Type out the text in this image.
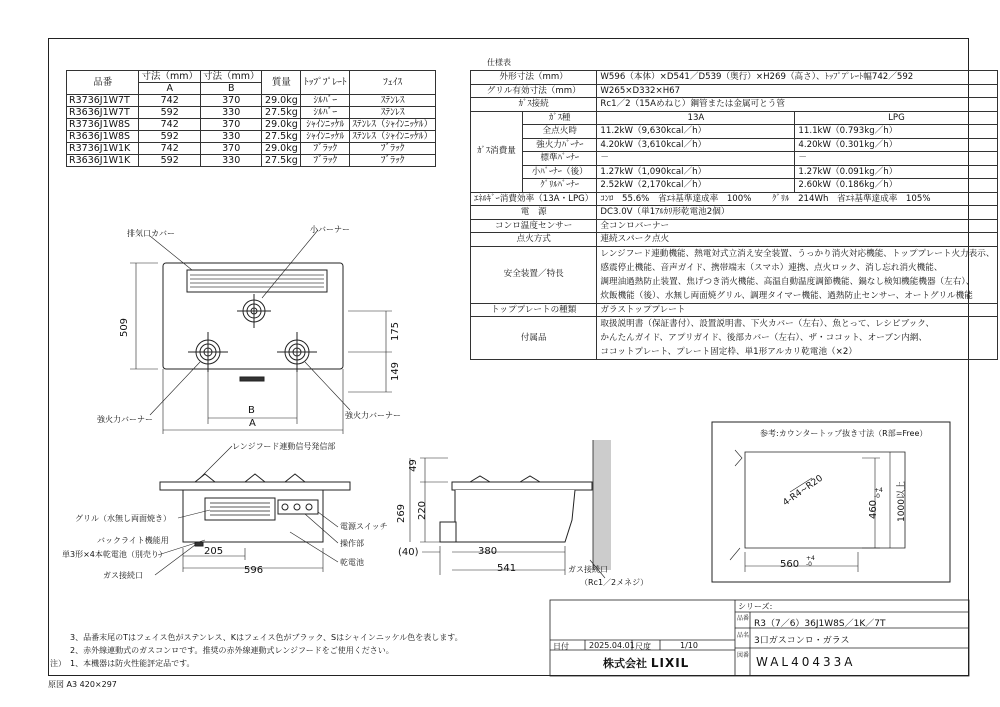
品番	寸法（mm）	寸法（mm）	質量	ﾄｯﾌﾟﾌﾟﾚｰﾄ	ﾌｪｲｽ
	A	B			
R3736J1W7T	742	370	29.0kg	ｼﾙﾊﾞｰ	ｽﾃﾝﾚｽ
R3636J1W7T	592	330	27.5kg	ｼﾙﾊﾞｰ	ｽﾃﾝﾚｽ
R3736J1W8S	742	370	29.0kg	ｼｬｲﾝﾆｯｹﾙ	ｽﾃﾝﾚｽ（ｼｬｲﾝﾆｯｹﾙ）
R3636J1W8S	592	330	27.5kg	ｼｬｲﾝﾆｯｹﾙ	ｽﾃﾝﾚｽ（ｼｬｲﾝﾆｯｹﾙ）
R3736J1W1K	742	370	29.0kg	ﾌﾞﾗｯｸ	ﾌﾞﾗｯｸ
R3636J1W1K	592	330	27.5kg	ﾌﾞﾗｯｸ	ﾌﾞﾗｯｸ
仕様表
外形寸法（mm）		W596（本体）×D541／D539（奥行）×H269（高さ）、ﾄｯﾌﾟﾌﾟﾚｰﾄ幅742／592	
グリル有効寸法（mm）		W265×D332×H67	
ｶﾞｽ接続		Rc1／2（15Aめねじ）鋼管または金属可とう管	
ｶﾞｽ消費量	ｶﾞｽ種	13A	LPG
	全点火時	11.2kW（9,630kcal／h）	11.1kW（0.793kg／h）
	強火力ﾊﾞｰﾅｰ	4.20kW（3,610kcal／h）	4.20kW（0.301kg／h）
	標準ﾊﾞｰﾅｰ	－	－
	小ﾊﾞｰﾅｰ（後）	1.27kW（1,090kcal／h）	1.27kW（0.091kg／h）
	ｸﾞﾘﾙﾊﾞｰﾅｰ	2.52kW（2,170kcal／h）	2.60kW（0.186kg／h）
ｴﾈﾙｷﾞｰ消費効率（13A・LPG）		ｺﾝﾛ 55.6% 省ｴﾈ基準達成率　100% ｸﾞﾘﾙ 214Wh 省ｴﾈ基準達成率　105%	
電　源		DC3.0V（単1ｱﾙｶﾘ形乾電池2個）	
コンロ温度センサー		全コンロバーナー	
点火方式		連続スパーク点火	
安全装置／特長		レンジフード連動機能、熱電対式立消え安全装置、うっかり消火対応機能、トッププレート火力表示、
感震停止機能、音声ガイド、携帯端末（スマホ）連携、点火ロック、消し忘れ消火機能、
調理油過熱防止装置、焦げつき消火機能、高温自動温度調節機能、鍋なし検知機能機器（左右）、
炊飯機能（後）、水無し両面焼グリル、調理タイマー機能、過熱防止センサー、オートグリル機能	

トッププレートの種類		ガラストッププレート	
付属品		取扱説明書（保証書付）、設置説明書、下火カバー（左右）、魚とって、レシピブック、
かんたんガイド、アプリガイド、後部カバー（左右）、ザ・ココット、オーブン内網、
ココットプレート、プレート固定枠、単1形アルカリ乾電池（×2）	
排気口カバー	小バーナー
強火力バーナー	強火力バーナー
509	175
149
B
A
レンジフード連動信号発信部
グリル（水無し両面焼き）
バックライト機能用
単3形×4本乾電池（別売り）
ガス接続口
電源スイッチ
操作部
乾電池
205
596
49
220
269
(40)	380
541	ガス接続口
（Rc1／2メネジ）
参考:カウンタートップ抜き寸法（R部=Free）
4-R4~R20
560
+4 -0
460
+4 -0	1000以上
3、品番末尾のTはフェイス色がステンレス、Kはフェイス色がブラック、Sはシャインニッケル色を表します。
2、赤外線連動式のガスコンロです。推奨の赤外線連動式レンジフードをご使用ください。
注） 1、本機器は防火性能評定品です。
原図 A3 420×297
シリーズ:
品番
R3（7／6）36J1W8S／1K／7T
品名
3口ガスコンロ・ガラス
図番 WAL40433A
日付	2025.04.01 尺度	1/10
株式会社 LIXIL
